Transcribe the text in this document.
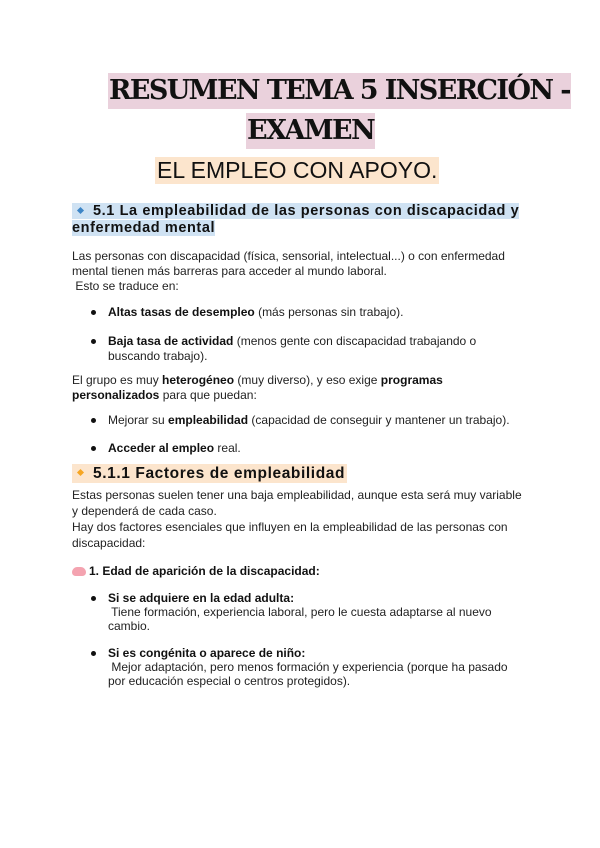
RESUMEN TEMA 5 INSERCIÓN -
EXAMEN
EL EMPLEO CON APOYO.
5.1 La empleabilidad de las personas con discapacidad y
enfermedad mental
Las personas con discapacidad (física, sensorial, intelectual...) o con enfermedad
mental tienen más barreras para acceder al mundo laboral.
Esto se traduce en:
Altas tasas de desempleo (más personas sin trabajo).
Baja tasa de actividad (menos gente con discapacidad trabajando o
buscando trabajo).
El grupo es muy heterogéneo (muy diverso), y eso exige programas
personalizados para que puedan:
Mejorar su empleabilidad (capacidad de conseguir y mantener un trabajo).
Acceder al empleo real.
5.1.1 Factores de empleabilidad
Estas personas suelen tener una baja empleabilidad, aunque esta será muy variable
y dependerá de cada caso.
Hay dos factores esenciales que influyen en la empleabilidad de las personas con
discapacidad:
1. Edad de aparición de la discapacidad:
Si se adquiere en la edad adulta:
Tiene formación, experiencia laboral, pero le cuesta adaptarse al nuevo
cambio.
Si es congénita o aparece de niño:
Mejor adaptación, pero menos formación y experiencia (porque ha pasado
por educación especial o centros protegidos).
